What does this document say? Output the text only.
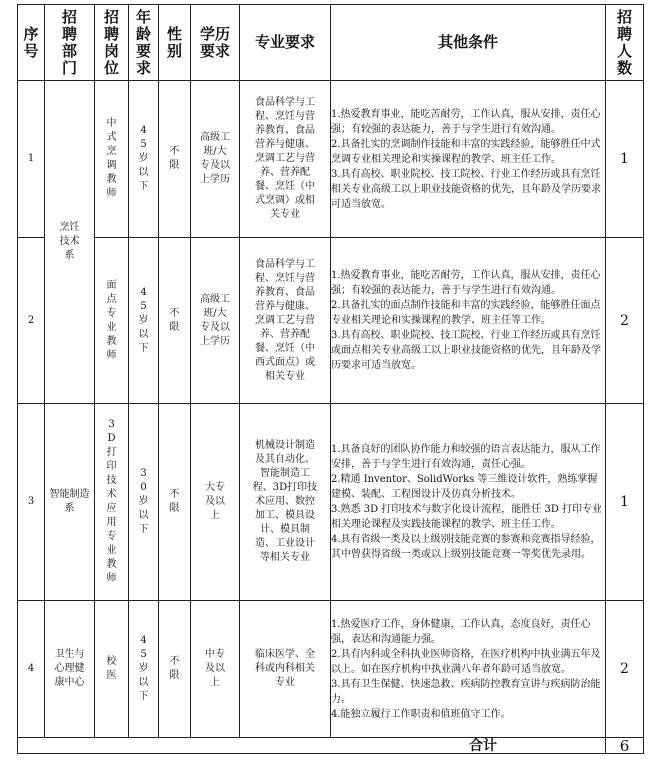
序号	招聘部门	招聘岗位	年龄要求	性别	学历要求	专业要求	其他条件	招聘人数

1	烹饪技术系	中式烹调教师	45岁以下	不限	高级工班/大专及以上学历	食品科学与工程、烹饪与营养教育、食品营养与健康、烹调工艺与营养、营养配餐、烹饪（中式烹调）或相关专业	1.热爱教育事业，能吃苦耐劳，工作认真，服从安排，责任心强；有较强的表达能力，善于与学生进行有效沟通。
2.具备扎实的烹调制作技能和丰富的实践经验，能够胜任中式烹调专业相关理论和实操课程的教学、班主任工作。
3.具有高校、职业院校、技工院校、行业工作经历或具有烹饪相关专业高级工以上职业技能资格的优先，且年龄及学历要求可适当放宽。	1
2		面点专业教师	45岁以下	不限	高级工班/大专及以上学历	食品科学与工程、烹饪与营养教育、食品营养与健康、烹调工艺与营养、营养配餐、烹饪（中西式面点）或相关专业	1.热爱教育事业，能吃苦耐劳，工作认真，服从安排，责任心强；有较强的表达能力，善于与学生进行有效沟通。
2.具备扎实的面点制作技能和丰富的实践经验，能够胜任面点专业相关理论和实操课程的教学、班主任等工作。
3.具有高校、职业院校、技工院校、行业工作经历或具有烹饪或面点相关专业高级工以上职业技能资格的优先，且年龄及学历要求可适当放宽。	2
3	智能制造系	3D打印技术应用专业教师	30岁以下	不限	大专及以上	机械设计制造及其自动化、智能制造工程、3D打印技术应用、数控加工、模具设计、模具制造、工业设计等相关专业	1.具备良好的团队协作能力和较强的语言表达能力，服从工作安排，善于与学生进行有效沟通，责任心强。
2.精通 Inventor、SolidWorks 等三维设计软件，熟练掌握建模、装配、工程图设计及仿真分析技术。
3.熟悉 3D 打印技术与数字化设计流程，能胜任 3D 打印专业相关理论课程及实践技能课程的教学、班主任工作。
4.具有省级一类及以上级别技能竞赛的参赛和竞赛指导经验，其中曾获得省级一类或以上级别技能竞赛一等奖优先录用。	1
4	卫生与心理健康中心	校医	45岁以下	不限	中专及以上	临床医学、全科或内科相关专业	1.热爱医疗工作，身体健康，工作认真，态度良好，责任心强，表达和沟通能力强。
2.具有内科或全科执业医师资格，在医疗机构中执业满五年及以上。如在医疗机构中执业满八年者年龄可适当放宽。
3.具有卫生保健、快速急救、疾病防控教育宣讲与疾病防治能力。
4.能独立履行工作职责和值班值守工作。	2
合计								6
